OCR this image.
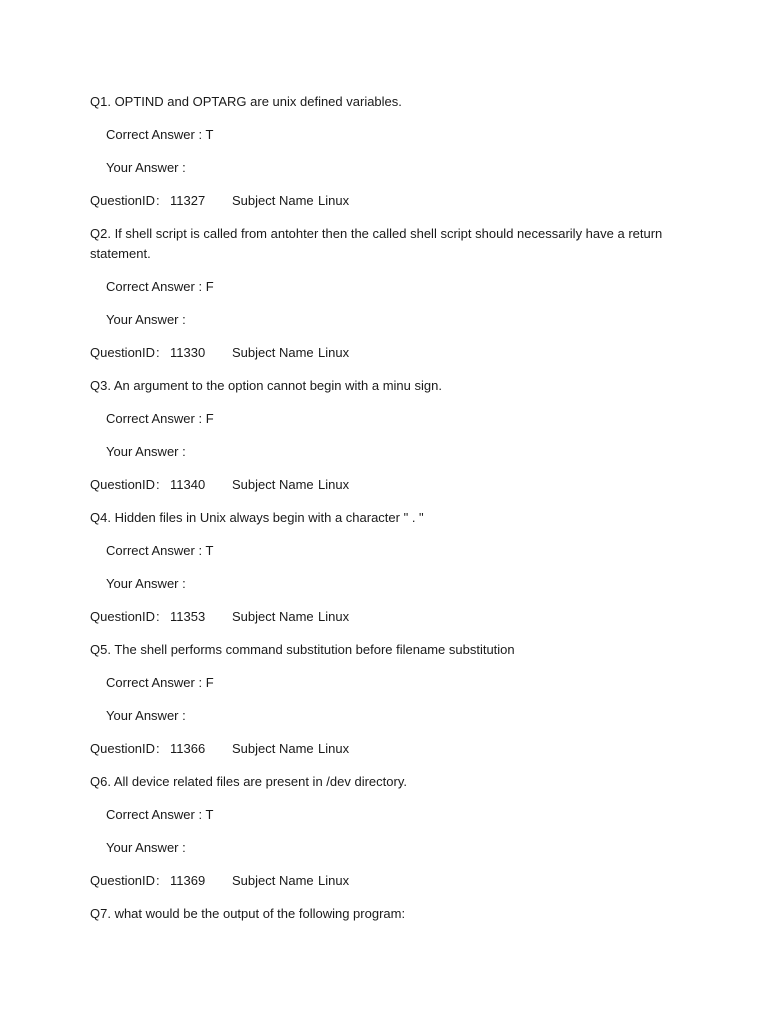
Q1. OPTIND and OPTARG are unix defined variables.

Correct Answer : T

Your Answer :

QuestionID: 11327 Subject Name Linux

Q2. If shell script is called from antohter then the called shell script should necessarily have a return statement.

Correct Answer : F

Your Answer :

QuestionID: 11330 Subject Name Linux

Q3. An argument to the option cannot begin with a minu sign.

Correct Answer : F

Your Answer :

QuestionID: 11340 Subject Name Linux

Q4. Hidden files in Unix always begin with a character " . "

Correct Answer : T

Your Answer :

QuestionID: 11353 Subject Name Linux

Q5. The shell performs command substitution before filename substitution

Correct Answer : F

Your Answer :

QuestionID: 11366 Subject Name Linux

Q6. All device related files are present in /dev directory.

Correct Answer : T

Your Answer :

QuestionID: 11369 Subject Name Linux

Q7. what would be the output of the following program:
